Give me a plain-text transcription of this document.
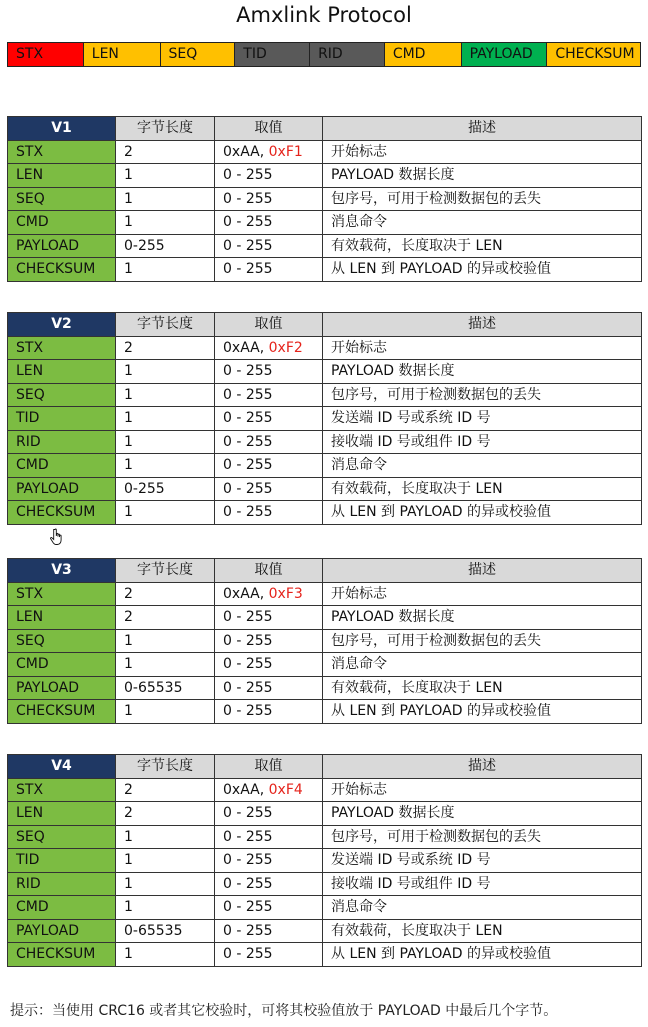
Amxlink Protocol
STX	LEN	SEQ	TID	RID	CMD	PAYLOAD	CHECKSUM
V1	字节长度	取值	描述
STX	2	0xAA, 0xF1	开始标志
LEN	1	0 - 255	PAYLOAD 数据长度
SEQ	1	0 - 255	包序号，可用于检测数据包的丢失
CMD	1	0 - 255	消息命令
PAYLOAD	0-255	0 - 255	有效载荷，长度取决于 LEN
CHECKSUM	1	0 - 255	从 LEN 到 PAYLOAD 的异或校验值
V2	字节长度	取值	描述
STX	2	0xAA, 0xF2	开始标志
LEN	1	0 - 255	PAYLOAD 数据长度
SEQ	1	0 - 255	包序号，可用于检测数据包的丢失
TID	1	0 - 255	发送端 ID 号或系统 ID 号
RID	1	0 - 255	接收端 ID 号或组件 ID 号
CMD	1	0 - 255	消息命令
PAYLOAD	0-255	0 - 255	有效载荷，长度取决于 LEN
CHECKSUM	1	0 - 255	从 LEN 到 PAYLOAD 的异或校验值
V3	字节长度	取值	描述
STX	2	0xAA, 0xF3	开始标志
LEN	2	0 - 255	PAYLOAD 数据长度
SEQ	1	0 - 255	包序号，可用于检测数据包的丢失
CMD	1	0 - 255	消息命令
PAYLOAD	0-65535	0 - 255	有效载荷，长度取决于 LEN
CHECKSUM	1	0 - 255	从 LEN 到 PAYLOAD 的异或校验值
V4	字节长度	取值	描述
STX	2	0xAA, 0xF4	开始标志
LEN	2	0 - 255	PAYLOAD 数据长度
SEQ	1	0 - 255	包序号，可用于检测数据包的丢失
TID	1	0 - 255	发送端 ID 号或系统 ID 号
RID	1	0 - 255	接收端 ID 号或组件 ID 号
CMD	1	0 - 255	消息命令
PAYLOAD	0-65535	0 - 255	有效载荷，长度取决于 LEN
CHECKSUM	1	0 - 255	从 LEN 到 PAYLOAD 的异或校验值
提示：当使用 CRC16 或者其它校验时，可将其校验值放于 PAYLOAD 中最后几个字节。
